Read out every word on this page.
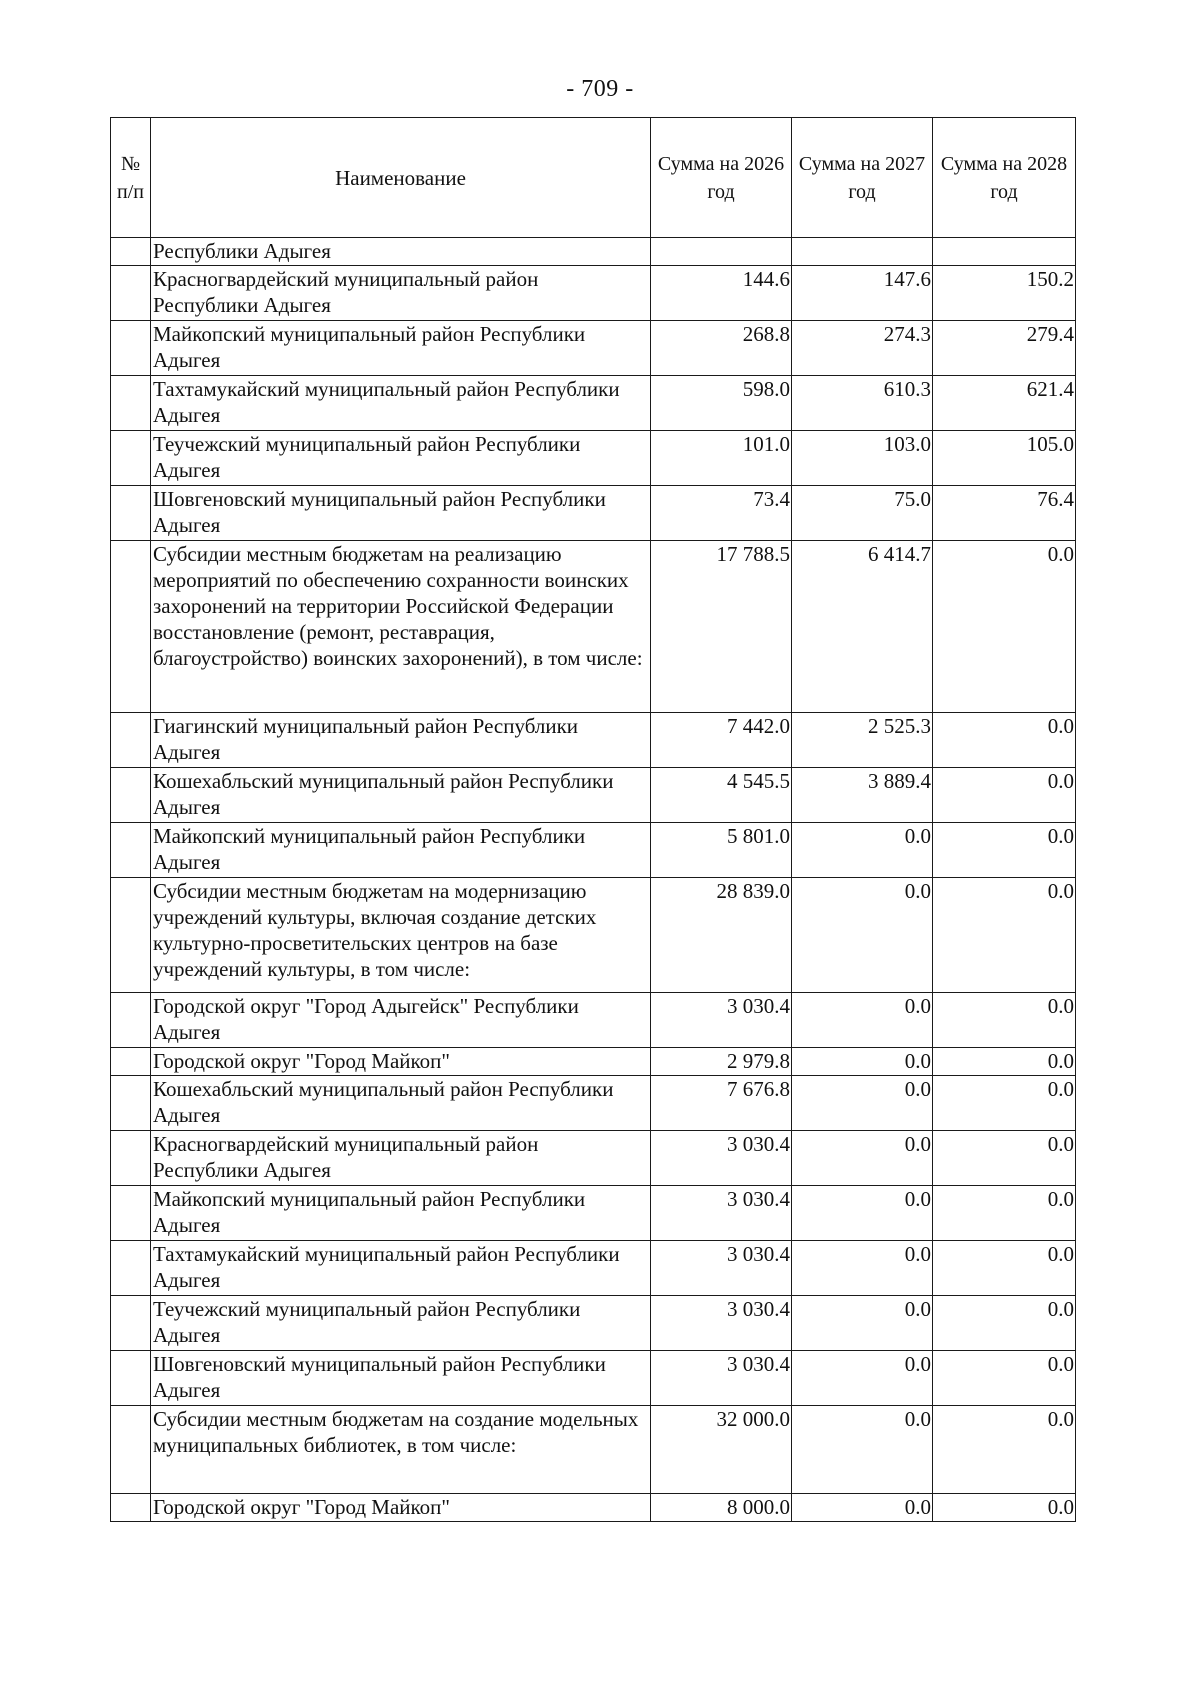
- 709 -
№ п/п	Наименование	Сумма на 2026 год	Сумма на 2027 год	Сумма на 2028 год
	Республики Адыгея			
	Красногвардейский муниципальный район Республики Адыгея	144.6	147.6	150.2
	Майкопский муниципальный район Республики Адыгея	268.8	274.3	279.4
	Тахтамукайский муниципальный район Республики Адыгея	598.0	610.3	621.4
	Теучежский муниципальный район Республики Адыгея	101.0	103.0	105.0
	Шовгеновский муниципальный район Республики Адыгея	73.4	75.0	76.4
	Субсидии местным бюджетам на реализацию мероприятий по обеспечению сохранности воинских захоронений на территории Российской Федерации восстановление (ремонт, реставрация, благоустройство) воинских захоронений), в том числе:	17 788.5	6 414.7	0.0
	Гиагинский муниципальный район Республики Адыгея	7 442.0	2 525.3	0.0
	Кошехабльский муниципальный район Республики Адыгея	4 545.5	3 889.4	0.0
	Майкопский муниципальный район Республики Адыгея	5 801.0	0.0	0.0
	Субсидии местным бюджетам на модернизацию учреждений культуры, включая создание детских культурно-просветительских центров на базе учреждений культуры, в том числе:	28 839.0	0.0	0.0
	Городской округ "Город Адыгейск" Республики Адыгея	3 030.4	0.0	0.0
	Городской округ "Город Майкоп"	2 979.8	0.0	0.0
	Кошехабльский муниципальный район Республики Адыгея	7 676.8	0.0	0.0
	Красногвардейский муниципальный район Республики Адыгея	3 030.4	0.0	0.0
	Майкопский муниципальный район Республики Адыгея	3 030.4	0.0	0.0
	Тахтамукайский муниципальный район Республики Адыгея	3 030.4	0.0	0.0
	Теучежский муниципальный район Республики Адыгея	3 030.4	0.0	0.0
	Шовгеновский муниципальный район Республики Адыгея	3 030.4	0.0	0.0
	Субсидии местным бюджетам на создание модельных муниципальных библиотек, в том числе:	32 000.0	0.0	0.0
	Городской округ "Город Майкоп"	8 000.0	0.0	0.0
